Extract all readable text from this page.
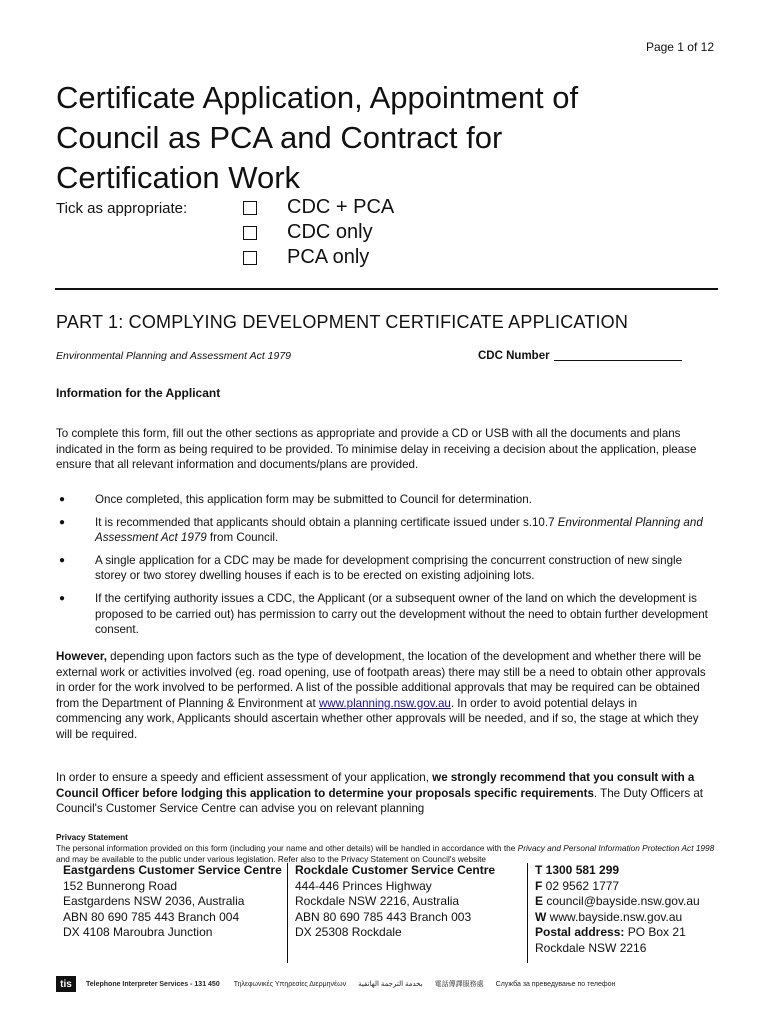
Page 1 of 12
Certificate Application, Appointment of
Council as PCA and Contract for
Certification Work
Tick as appropriate:	CDC + PCA
CDC only
PCA only
PART 1: COMPLYING DEVELOPMENT CERTIFICATE APPLICATION
Environmental Planning and Assessment Act 1979	CDC Number
Information for the Applicant
To complete this form, fill out the other sections as appropriate and provide a CD or USB with all the documents and plans indicated in the form as being required to be provided. To minimise delay in receiving a decision about the application, please ensure that all relevant information and documents/plans are provided.
●	Once completed, this application form may be submitted to Council for determination.
●	It is recommended that applicants should obtain a planning certificate issued under s.10.7 Environmental Planning and Assessment Act 1979 from Council.
●	A single application for a CDC may be made for development comprising the concurrent construction of new single storey or two storey dwelling houses if each is to be erected on existing adjoining lots.
●	If the certifying authority issues a CDC, the Applicant (or a subsequent owner of the land on which the development is proposed to be carried out) has permission to carry out the development without the need to obtain further development consent.
However, depending upon factors such as the type of development, the location of the development and whether there will be external work or activities involved (eg. road opening, use of footpath areas) there may still be a need to obtain other approvals in order for the work involved to be performed. A list of the possible additional approvals that may be required can be obtained from the Department of Planning & Environment at www.planning.nsw.gov.au. In order to avoid potential delays in commencing any work, Applicants should ascertain whether other approvals will be needed, and if so, the stage at which they will be required.
In order to ensure a speedy and efficient assessment of your application, we strongly recommend that you consult with a Council Officer before lodging this application to determine your proposals specific requirements. The Duty Officers at Council's Customer Service Centre can advise you on relevant planning
Privacy Statement
The personal information provided on this form (including your name and other details) will be handled in accordance with the Privacy and Personal Information Protection Act 1998 and may be available to the public under various legislation. Refer also to the Privacy Statement on Council's website
Eastgardens Customer Service Centre
152 Bunnerong Road
Eastgardens NSW 2036, Australia
ABN 80 690 785 443 Branch 004
DX 4108 Maroubra Junction
Rockdale Customer Service Centre
444-446 Princes Highway
Rockdale NSW 2216, Australia
ABN 80 690 785 443 Branch 003
DX 25308 Rockdale
T 1300 581 299
F 02 9562 1777
E council@bayside.nsw.gov.au
W www.bayside.nsw.gov.au
Postal address: PO Box 21
Rockdale NSW 2216
tis	Telephone Interpreter Services - 131 450 Τηλεφωνικές Υπηρεσίες Διερμηνέων بخدمة الترجمة الهاتفية 電話傳譯服務處 Служба за преведување по телефон
